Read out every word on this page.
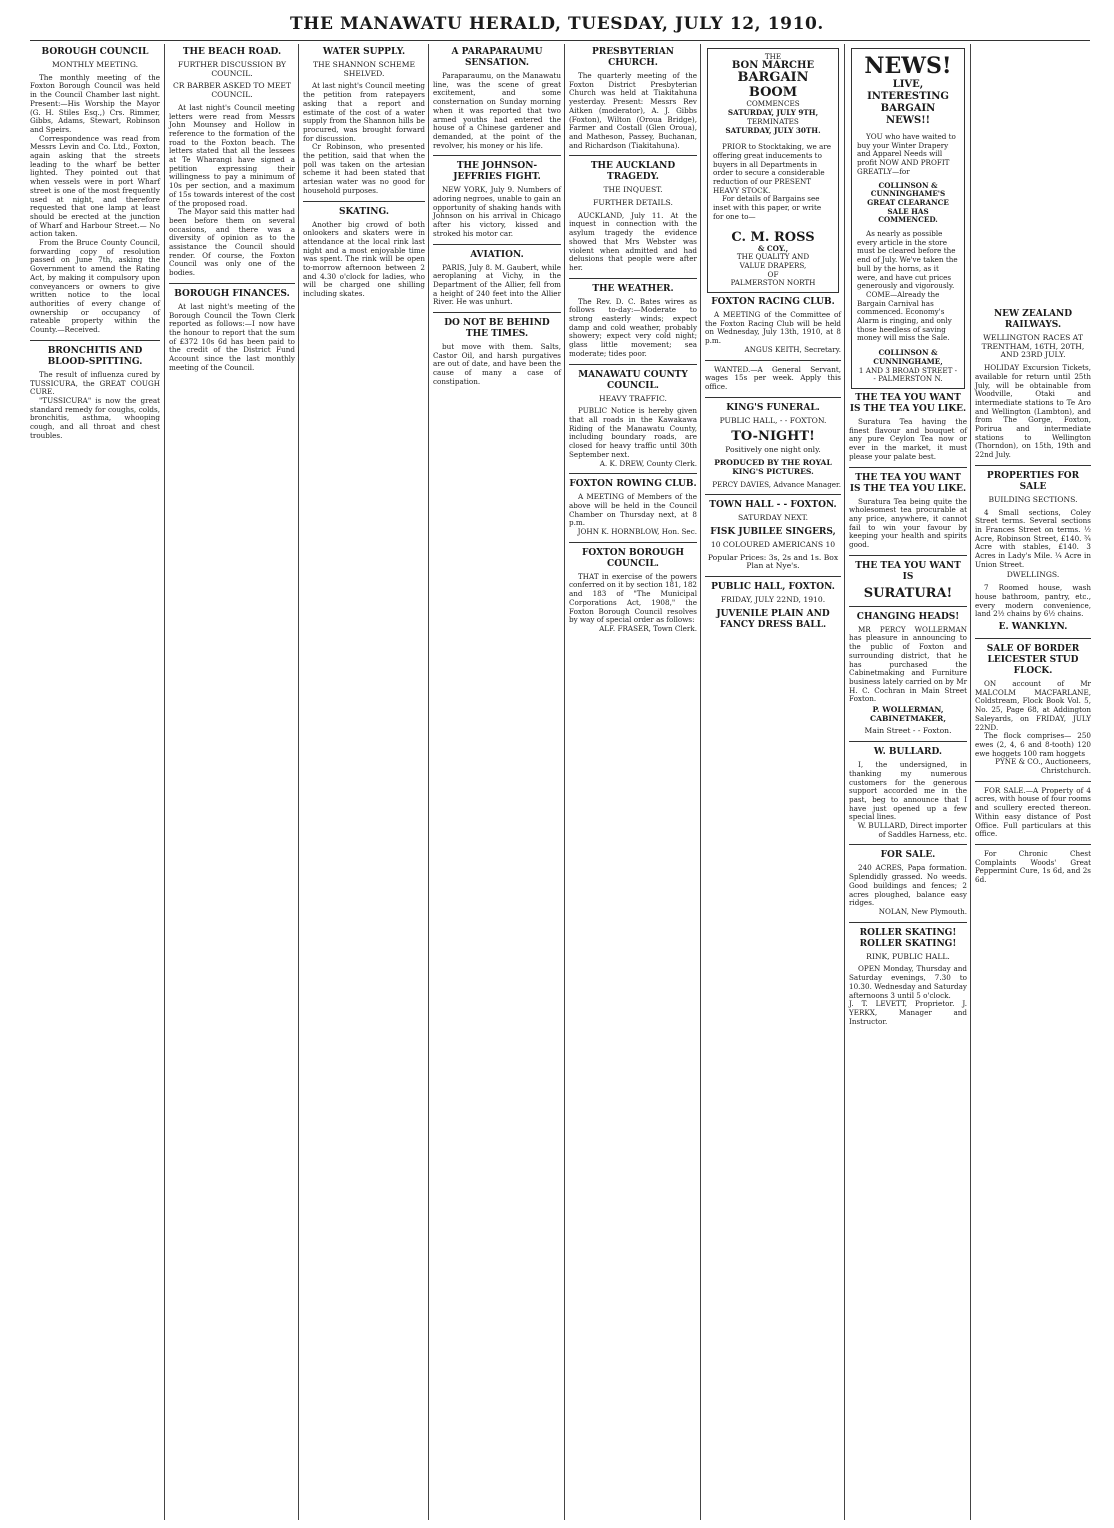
THE MANAWATU HERALD, TUESDAY, JULY 12, 1910.
BOROUGH COUNCIL
MONTHLY MEETING.

The monthly meeting of the Foxton Borough Council was held in the Council Chamber last night. Present:—His Worship the Mayor (G. H. Stiles Esq.,) Crs. Rimmer, Gibbs, Adams, Stewart, Robinson and Speirs.

Correspondence was read from Messrs Levin and Co. Ltd., Foxton, again asking that the streets leading to the wharf be better lighted. They pointed out that when vessels were in port Wharf street is one of the most frequently used at night, and therefore requested that one lamp at least should be erected at the junction of Wharf and Harbour Street.— No action taken.

From the Bruce County Council, forwarding copy of resolution passed on June 7th, asking the Government to amend the Rating Act, by making it compulsory upon conveyancers or owners to give written notice to the local authorities of every change of ownership or occupancy of rateable property within the County.—Received.

BRONCHITIS AND BLOOD-SPITTING.

The result of influenza cured by TUSSICURA, the GREAT COUGH CURE.

"TUSSICURA" is now the great standard remedy for coughs, colds, bronchitis, asthma, whooping cough, and all throat and chest troubles.

THE BEACH ROAD.
FURTHER DISCUSSION BY COUNCIL.
CR BARBER ASKED TO MEET COUNCIL.

At last night's Council meeting letters were read from Messrs John Mounsey and Hollow in reference to the formation of the road to the Foxton beach. The letters stated that all the lessees at Te Wharangi have signed a petition expressing their willingness to pay a minimum of 10s per section, and a maximum of 15s towards interest of the cost of the proposed road.

The Mayor said this matter had been before them on several occasions, and there was a diversity of opinion as to the assistance the Council should render. Of course, the Foxton Council was only one of the bodies.

BOROUGH FINANCES.

At last night's meeting of the Borough Council the Town Clerk reported as follows:—I now have the honour to report that the sum of £372 10s 6d has been paid to the credit of the District Fund Account since the last monthly meeting of the Council.

WATER SUPPLY.
THE SHANNON SCHEME SHELVED.

At last night's Council meeting the petition from ratepayers asking that a report and estimate of the cost of a water supply from the Shannon hills be procured, was brought forward for discussion.

Cr Robinson, who presented the petition, said that when the poll was taken on the artesian scheme it had been stated that artesian water was no good for household purposes.

SKATING.

Another big crowd of both onlookers and skaters were in attendance at the local rink last night and a most enjoyable time was spent. The rink will be open to-morrow afternoon between 2 and 4.30 o'clock for ladies, who will be charged one shilling including skates.

A PARAPARAUMU SENSATION.

Paraparaumu, on the Manawatu line, was the scene of great excitement, and some consternation on Sunday morning when it was reported that two armed youths had entered the house of a Chinese gardener and demanded, at the point of the revolver, his money or his life.

THE JOHNSON-JEFFRIES FIGHT.

NEW YORK, July 9. Numbers of adoring negroes, unable to gain an opportunity of shaking hands with Johnson on his arrival in Chicago after his victory, kissed and stroked his motor car.

AVIATION.

PARIS, July 8. M. Gaubert, while aeroplaning at Vichy, in the Department of the Allier, fell from a height of 240 feet into the Allier River. He was unhurt.

DO NOT BE BEHIND THE TIMES.

but move with them. Salts, Castor Oil, and harsh purgatives are out of date, and have been the cause of many a case of constipation.

PRESBYTERIAN CHURCH.

The quarterly meeting of the Foxton District Presbyterian Church was held at Tiakitahuna yesterday. Present: Messrs Rev Aitken (moderator), A. J. Gibbs (Foxton), Wilton (Oroua Bridge), Farmer and Costall (Glen Oroua), and Matheson, Passey, Buchanan, and Richardson (Tiakitahuna).

THE AUCKLAND TRAGEDY.
THE INQUEST.
FURTHER DETAILS.

AUCKLAND, July 11. At the inquest in connection with the asylum tragedy the evidence showed that Mrs Webster was violent when admitted and had delusions that people were after her.

THE WEATHER.

The Rev. D. C. Bates wires as follows to-day:—Moderate to strong easterly winds; expect damp and cold weather, probably showery; expect very cold night; glass little movement; sea moderate; tides poor.

MANAWATU COUNTY COUNCIL.
HEAVY TRAFFIC.

PUBLIC Notice is hereby given that all roads in the Kawakawa Riding of the Manawatu County, including boundary roads, are closed for heavy traffic until 30th September next.

A. K. DREW, County Clerk.
FOXTON ROWING CLUB.

A MEETING of Members of the above will be held in the Council Chamber on Thursday next, at 8 p.m.

JOHN K. HORNBLOW, Hon. Sec.
FOXTON BOROUGH COUNCIL.

THAT in exercise of the powers conferred on it by section 181, 182 and 183 of "The Municipal Corporations Act, 1908," the Foxton Borough Council resolves by way of special order as follows:

ALF. FRASER, Town Clerk.
THE
BON MARCHE
BARGAIN
BOOM
COMMENCES
SATURDAY, JULY 9TH,
TERMINATES
SATURDAY, JULY 30TH.

PRIOR to Stocktaking, we are offering great inducements to buyers in all Departments in order to secure a considerable reduction of our PRESENT HEAVY STOCK.

For details of Bargains see inset with this paper, or write for one to—

C. M. ROSS
& COY.,
THE QUALITY AND
VALUE DRAPERS,
OF
PALMERSTON NORTH
FOXTON RACING CLUB.

A MEETING of the Committee of the Foxton Racing Club will be held on Wednesday, July 13th, 1910, at 8 p.m.

ANGUS KEITH, Secretary.

WANTED.—A General Servant, wages 15s per week. Apply this office.

KING'S FUNERAL.
PUBLIC HALL, - - FOXTON.
TO-NIGHT!
Positively one night only.
PRODUCED BY THE ROYAL KING'S PICTURES.
PERCY DAVIES, Advance Manager.
TOWN HALL - - FOXTON.
SATURDAY NEXT.
FISK JUBILEE SINGERS,
10 COLOURED AMERICANS 10
Popular Prices: 3s, 2s and 1s. Box Plan at Nye's.
PUBLIC HALL, FOXTON.
FRIDAY, JULY 22ND, 1910.
JUVENILE PLAIN AND FANCY DRESS BALL.
NEWS!
LIVE, INTERESTING BARGAIN NEWS!!

YOU who have waited to buy your Winter Drapery and Apparel Needs will profit NOW AND PROFIT GREATLY—for

COLLINSON & CUNNINGHAME'S GREAT CLEARANCE SALE HAS COMMENCED.

As nearly as possible every article in the store must be cleared before the end of July. We've taken the bull by the horns, as it were, and have cut prices generously and vigorously.

COME—Already the Bargain Carnival has commenced. Economy's Alarm is ringing, and only those heedless of saving money will miss the Sale.

COLLINSON & CUNNINGHAME,
1 AND 3 BROAD STREET - - PALMERSTON N.
THE TEA YOU WANT IS THE TEA YOU LIKE.

Suratura Tea having the finest flavour and bouquet of any pure Ceylon Tea now or ever in the market, it must please your palate best.

THE TEA YOU WANT IS THE TEA YOU LIKE.

Suratura Tea being quite the wholesomest tea procurable at any price, anywhere, it cannot fail to win your favour by keeping your health and spirits good.

THE TEA YOU WANT IS
SURATURA!
CHANGING HEADS!

MR PERCY WOLLERMAN has pleasure in announcing to the public of Foxton and surrounding district, that he has purchased the Cabinetmaking and Furniture business lately carried on by Mr H. C. Cochran in Main Street Foxton.

P. WOLLERMAN, CABINETMAKER,
Main Street - - Foxton.
W. BULLARD.

I, the undersigned, in thanking my numerous customers for the generous support accorded me in the past, beg to announce that I have just opened up a few special lines.

W. BULLARD, Direct importer of Saddles Harness, etc.
FOR SALE.

240 ACRES, Papa formation. Splendidly grassed. No weeds. Good buildings and fences; 2 acres ploughed, balance easy ridges.

NOLAN, New Plymouth.
ROLLER SKATING! ROLLER SKATING!
RINK, PUBLIC HALL.

OPEN Monday, Thursday and Saturday evenings, 7.30 to 10.30. Wednesday and Saturday afternoons 3 until 5 o'clock.

J. T. LEVETT, Proprietor. J. YERKX, Manager and Instructor.
NEW ZEALAND RAILWAYS.
WELLINGTON RACES AT TRENTHAM, 16TH, 20TH, AND 23RD JULY.

HOLIDAY Excursion Tickets, available for return until 25th July, will be obtainable from Woodville, Otaki and intermediate stations to Te Aro and Wellington (Lambton), and from The Gorge, Foxton, Porirua and intermediate stations to Wellington (Thorndon), on 15th, 19th and 22nd July.

PROPERTIES FOR SALE
BUILDING SECTIONS.

4 Small sections, Coley Street terms. Several sections in Frances Street on terms. ½ Acre, Robinson Street, £140. ¾ Acre with stables, £140. 3 Acres in Lady's Mile. ¼ Acre in Union Street.

DWELLINGS.

7 Roomed house, wash house bathroom, pantry, etc., every modern convenience, land 2½ chains by 6½ chains.

E. WANKLYN.
SALE OF BORDER LEICESTER STUD FLOCK.

ON account of Mr MALCOLM MACFARLANE, Coldstream, Flock Book Vol. 5, No. 25, Page 68, at Addington Saleyards, on FRIDAY, JULY 22ND.

The flock comprises— 250 ewes (2, 4, 6 and 8-tooth) 120 ewe hoggets 100 ram hoggets

PYNE & CO., Auctioneers, Christchurch.

FOR SALE.—A Property of 4 acres, with house of four rooms and scullery erected thereon. Within easy distance of Post Office. Full particulars at this office.

For Chronic Chest Complaints Woods' Great Peppermint Cure, 1s 6d, and 2s 6d.
